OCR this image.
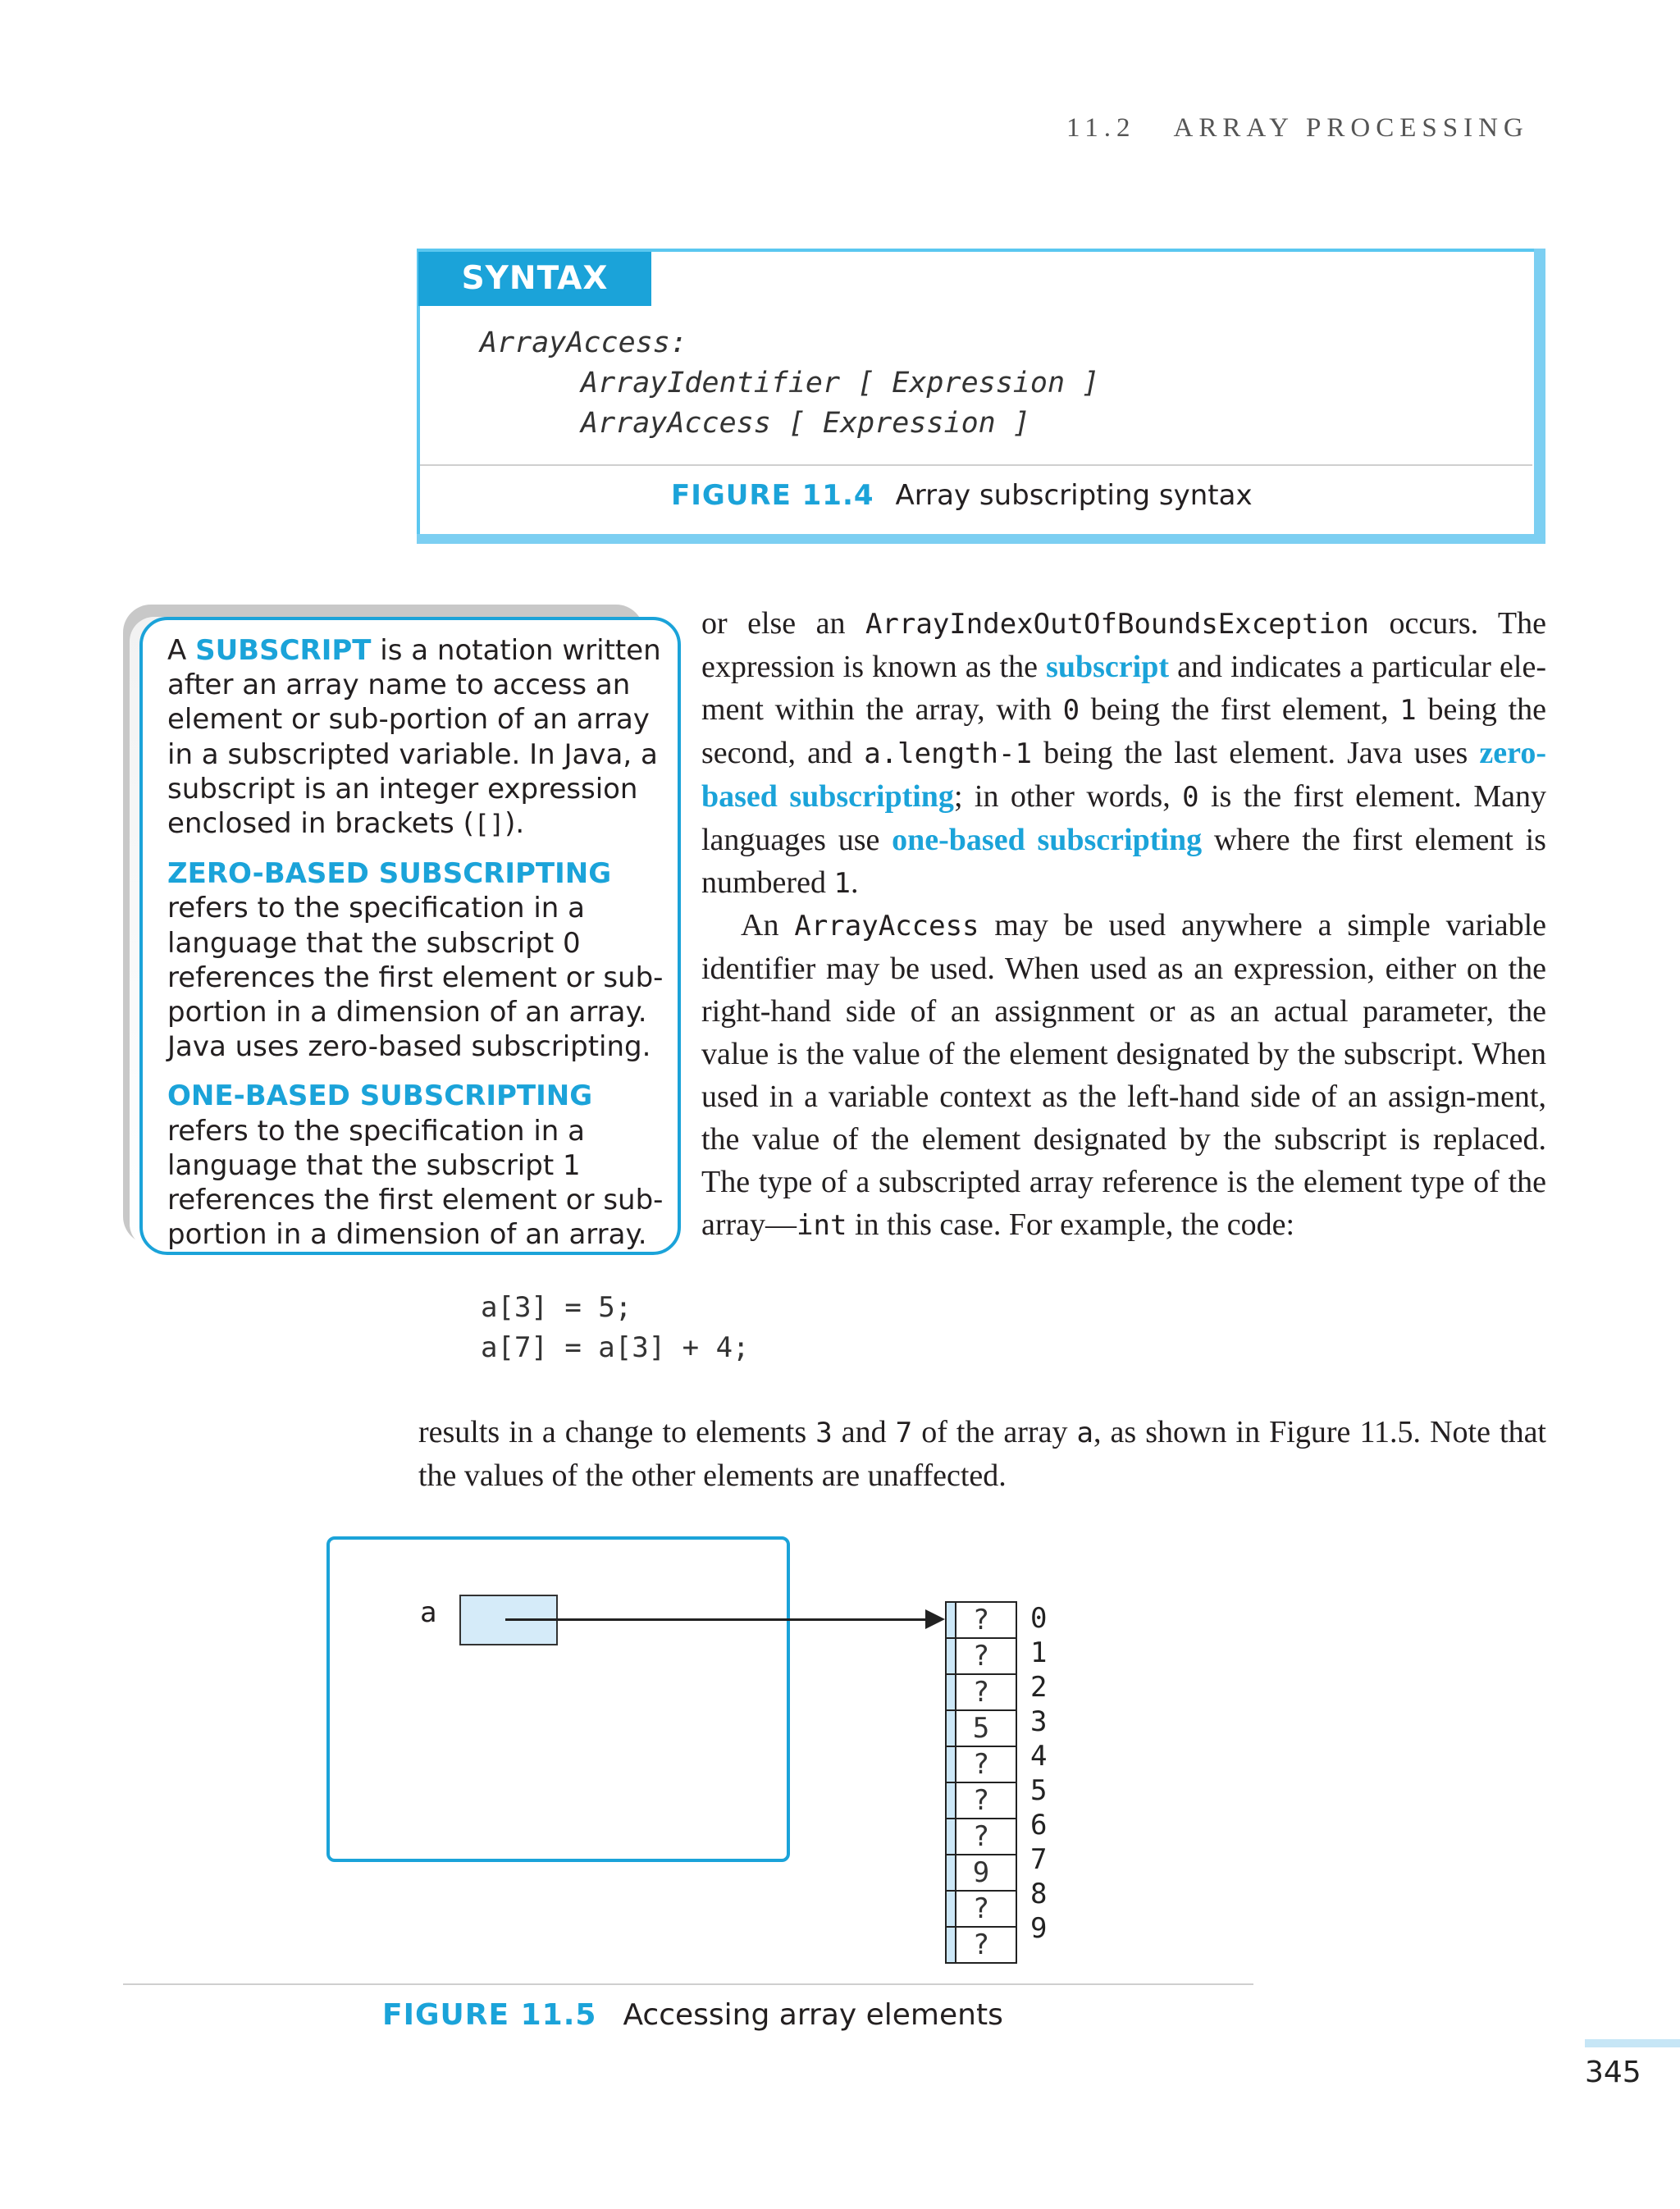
11.2 ARRAY PROCESSING
SYNTAX
ArrayAccess:
ArrayIdentifier [ Expression ]
ArrayAccess [ Expression ]
FIGURE 11.4 Array subscripting syntax

A SUBSCRIPT is a notation written after an array name to access an element or sub-portion of an array in a subscripted variable. In Java, a subscript is an integer expression enclosed in brackets ([]).

ZERO-BASED SUBSCRIPTING refers to the specification in a language that the subscript 0 references the first element or sub-portion in a dimension of an array. Java uses zero-based subscripting.

ONE-BASED SUBSCRIPTING refers to the specification in a language that the subscript 1 references the first element or sub-portion in a dimension of an array.

or else an ArrayIndexOutOfBoundsException occurs. The expression is known as the subscript and indicates a particular ele-ment within the array, with 0 being the first element, 1 being the second, and a.length-1 being the last element. Java uses zero-based subscripting; in other words, 0 is the first element. Many languages use one-based subscripting where the first element is numbered 1.
An ArrayAccess may be used anywhere a simple variable identifier may be used. When used as an expression, either on the right-hand side of an assignment or as an actual parameter, the value is the value of the element designated by the subscript. When used in a variable context as the left-hand side of an assign-ment, the value of the element designated by the subscript is replaced. The type of a subscripted array reference is the element type of the array—int in this case. For example, the code:
a[3] = 5;
a[7] = a[3] + 4;
results in a change to elements 3 and 7 of the array a, as shown in Figure 11.5. Note that the values of the other elements are unaffected.
a	?
?
?
5
?
?
?
9
?
?
0
1
2
3
4
5
6
7
8
9
FIGURE 11.5 Accessing array elements
345
